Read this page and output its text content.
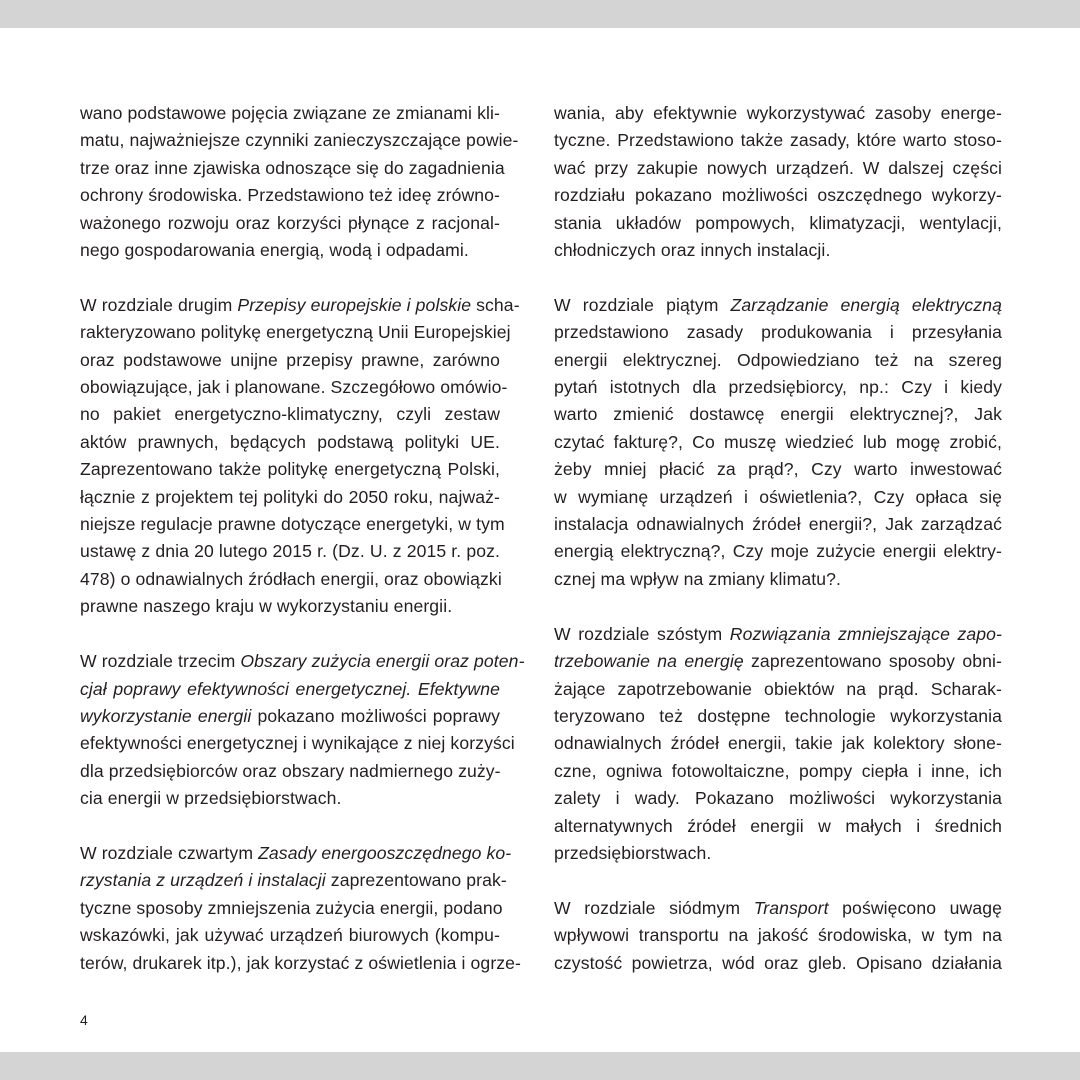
wano podstawowe pojęcia związane ze zmianami kli-
matu, najważniejsze czynniki zanieczyszczające powie-
trze oraz inne zjawiska odnoszące się do zagadnienia
ochrony środowiska. Przedstawiono też ideę zrówno-
ważonego rozwoju oraz korzyści płynące z racjonal-
nego gospodarowania energią, wodą i odpadami.
W rozdziale drugim Przepisy europejskie i polskie scha-
rakteryzowano politykę energetyczną Unii Europejskiej
oraz podstawowe unijne przepisy prawne, zarówno
obowiązujące, jak i planowane. Szczegółowo omówio-
no pakiet energetyczno-klimatyczny, czyli zestaw
aktów prawnych, będących podstawą polityki UE.
Zaprezentowano także politykę energetyczną Polski,
łącznie z projektem tej polityki do 2050 roku, najważ-
niejsze regulacje prawne dotyczące energetyki, w tym
ustawę z dnia 20 lutego 2015 r. (Dz. U. z 2015 r. poz.
478) o odnawialnych źródłach energii, oraz obowiązki
prawne naszego kraju w wykorzystaniu energii.
W rozdziale trzecim Obszary zużycia energii oraz poten-
cjał poprawy efektywności energetycznej. Efektywne
wykorzystanie energii pokazano możliwości poprawy
efektywności energetycznej i wynikające z niej korzyści
dla przedsiębiorców oraz obszary nadmiernego zuży-
cia energii w przedsiębiorstwach.
W rozdziale czwartym Zasady energooszczędnego ko-
rzystania z urządzeń i instalacji zaprezentowano prak-
tyczne sposoby zmniejszenia zużycia energii, podano
wskazówki, jak używać urządzeń biurowych (kompu-
terów, drukarek itp.), jak korzystać z oświetlenia i ogrze-
wania, aby efektywnie wykorzystywać zasoby energe-
tyczne. Przedstawiono także zasady, które warto stoso-
wać przy zakupie nowych urządzeń. W dalszej części
rozdziału pokazano możliwości oszczędnego wykorzy-
stania układów pompowych, klimatyzacji, wentylacji,
chłodniczych oraz innych instalacji.
W rozdziale piątym Zarządzanie energią elektryczną
przedstawiono zasady produkowania i przesyłania
energii elektrycznej. Odpowiedziano też na szereg
pytań istotnych dla przedsiębiorcy, np.: Czy i kiedy
warto zmienić dostawcę energii elektrycznej?, Jak
czytać fakturę?, Co muszę wiedzieć lub mogę zrobić,
żeby mniej płacić za prąd?, Czy warto inwestować
w wymianę urządzeń i oświetlenia?, Czy opłaca się
instalacja odnawialnych źródeł energii?, Jak zarządzać
energią elektryczną?, Czy moje zużycie energii elektry-
cznej ma wpływ na zmiany klimatu?.
W rozdziale szóstym Rozwiązania zmniejszające zapo-
trzebowanie na energię zaprezentowano sposoby obni-
żające zapotrzebowanie obiektów na prąd. Scharak-
teryzowano też dostępne technologie wykorzystania
odnawialnych źródeł energii, takie jak kolektory słone-
czne, ogniwa fotowoltaiczne, pompy ciepła i inne, ich
zalety i wady. Pokazano możliwości wykorzystania
alternatywnych źródeł energii w małych i średnich
przedsiębiorstwach.
W rozdziale siódmym Transport poświęcono uwagę
wpływowi transportu na jakość środowiska, w tym na
czystość powietrza, wód oraz gleb. Opisano działania
4
